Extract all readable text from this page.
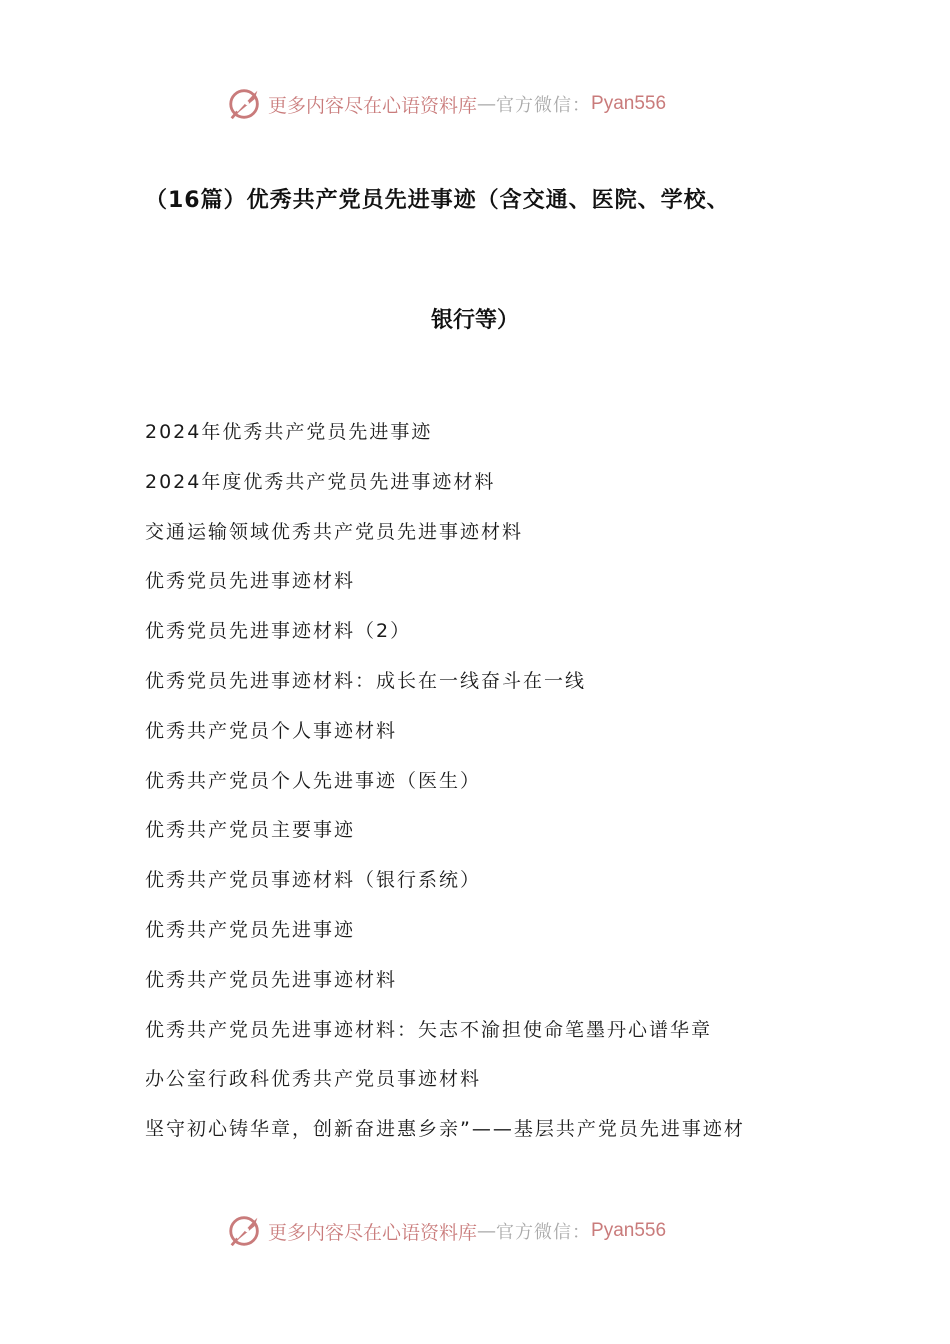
更多内容尽在心语资料库 — 官方微信： Pyan556
（16篇）优秀共产党员先进事迹（含交通、医院、学校、
银行等）
2024年优秀共产党员先进事迹
2024年度优秀共产党员先进事迹材料
交通运输领域优秀共产党员先进事迹材料
优秀党员先进事迹材料
优秀党员先进事迹材料（2）
优秀党员先进事迹材料：成长在一线奋斗在一线
优秀共产党员个人事迹材料
优秀共产党员个人先进事迹（医生）
优秀共产党员主要事迹
优秀共产党员事迹材料（银行系统）
优秀共产党员先进事迹
优秀共产党员先进事迹材料
优秀共产党员先进事迹材料：矢志不渝担使命笔墨丹心谱华章
办公室行政科优秀共产党员事迹材料
坚守初心铸华章，创新奋进惠乡亲”——基层共产党员先进事迹材
更多内容尽在心语资料库 — 官方微信： Pyan556
